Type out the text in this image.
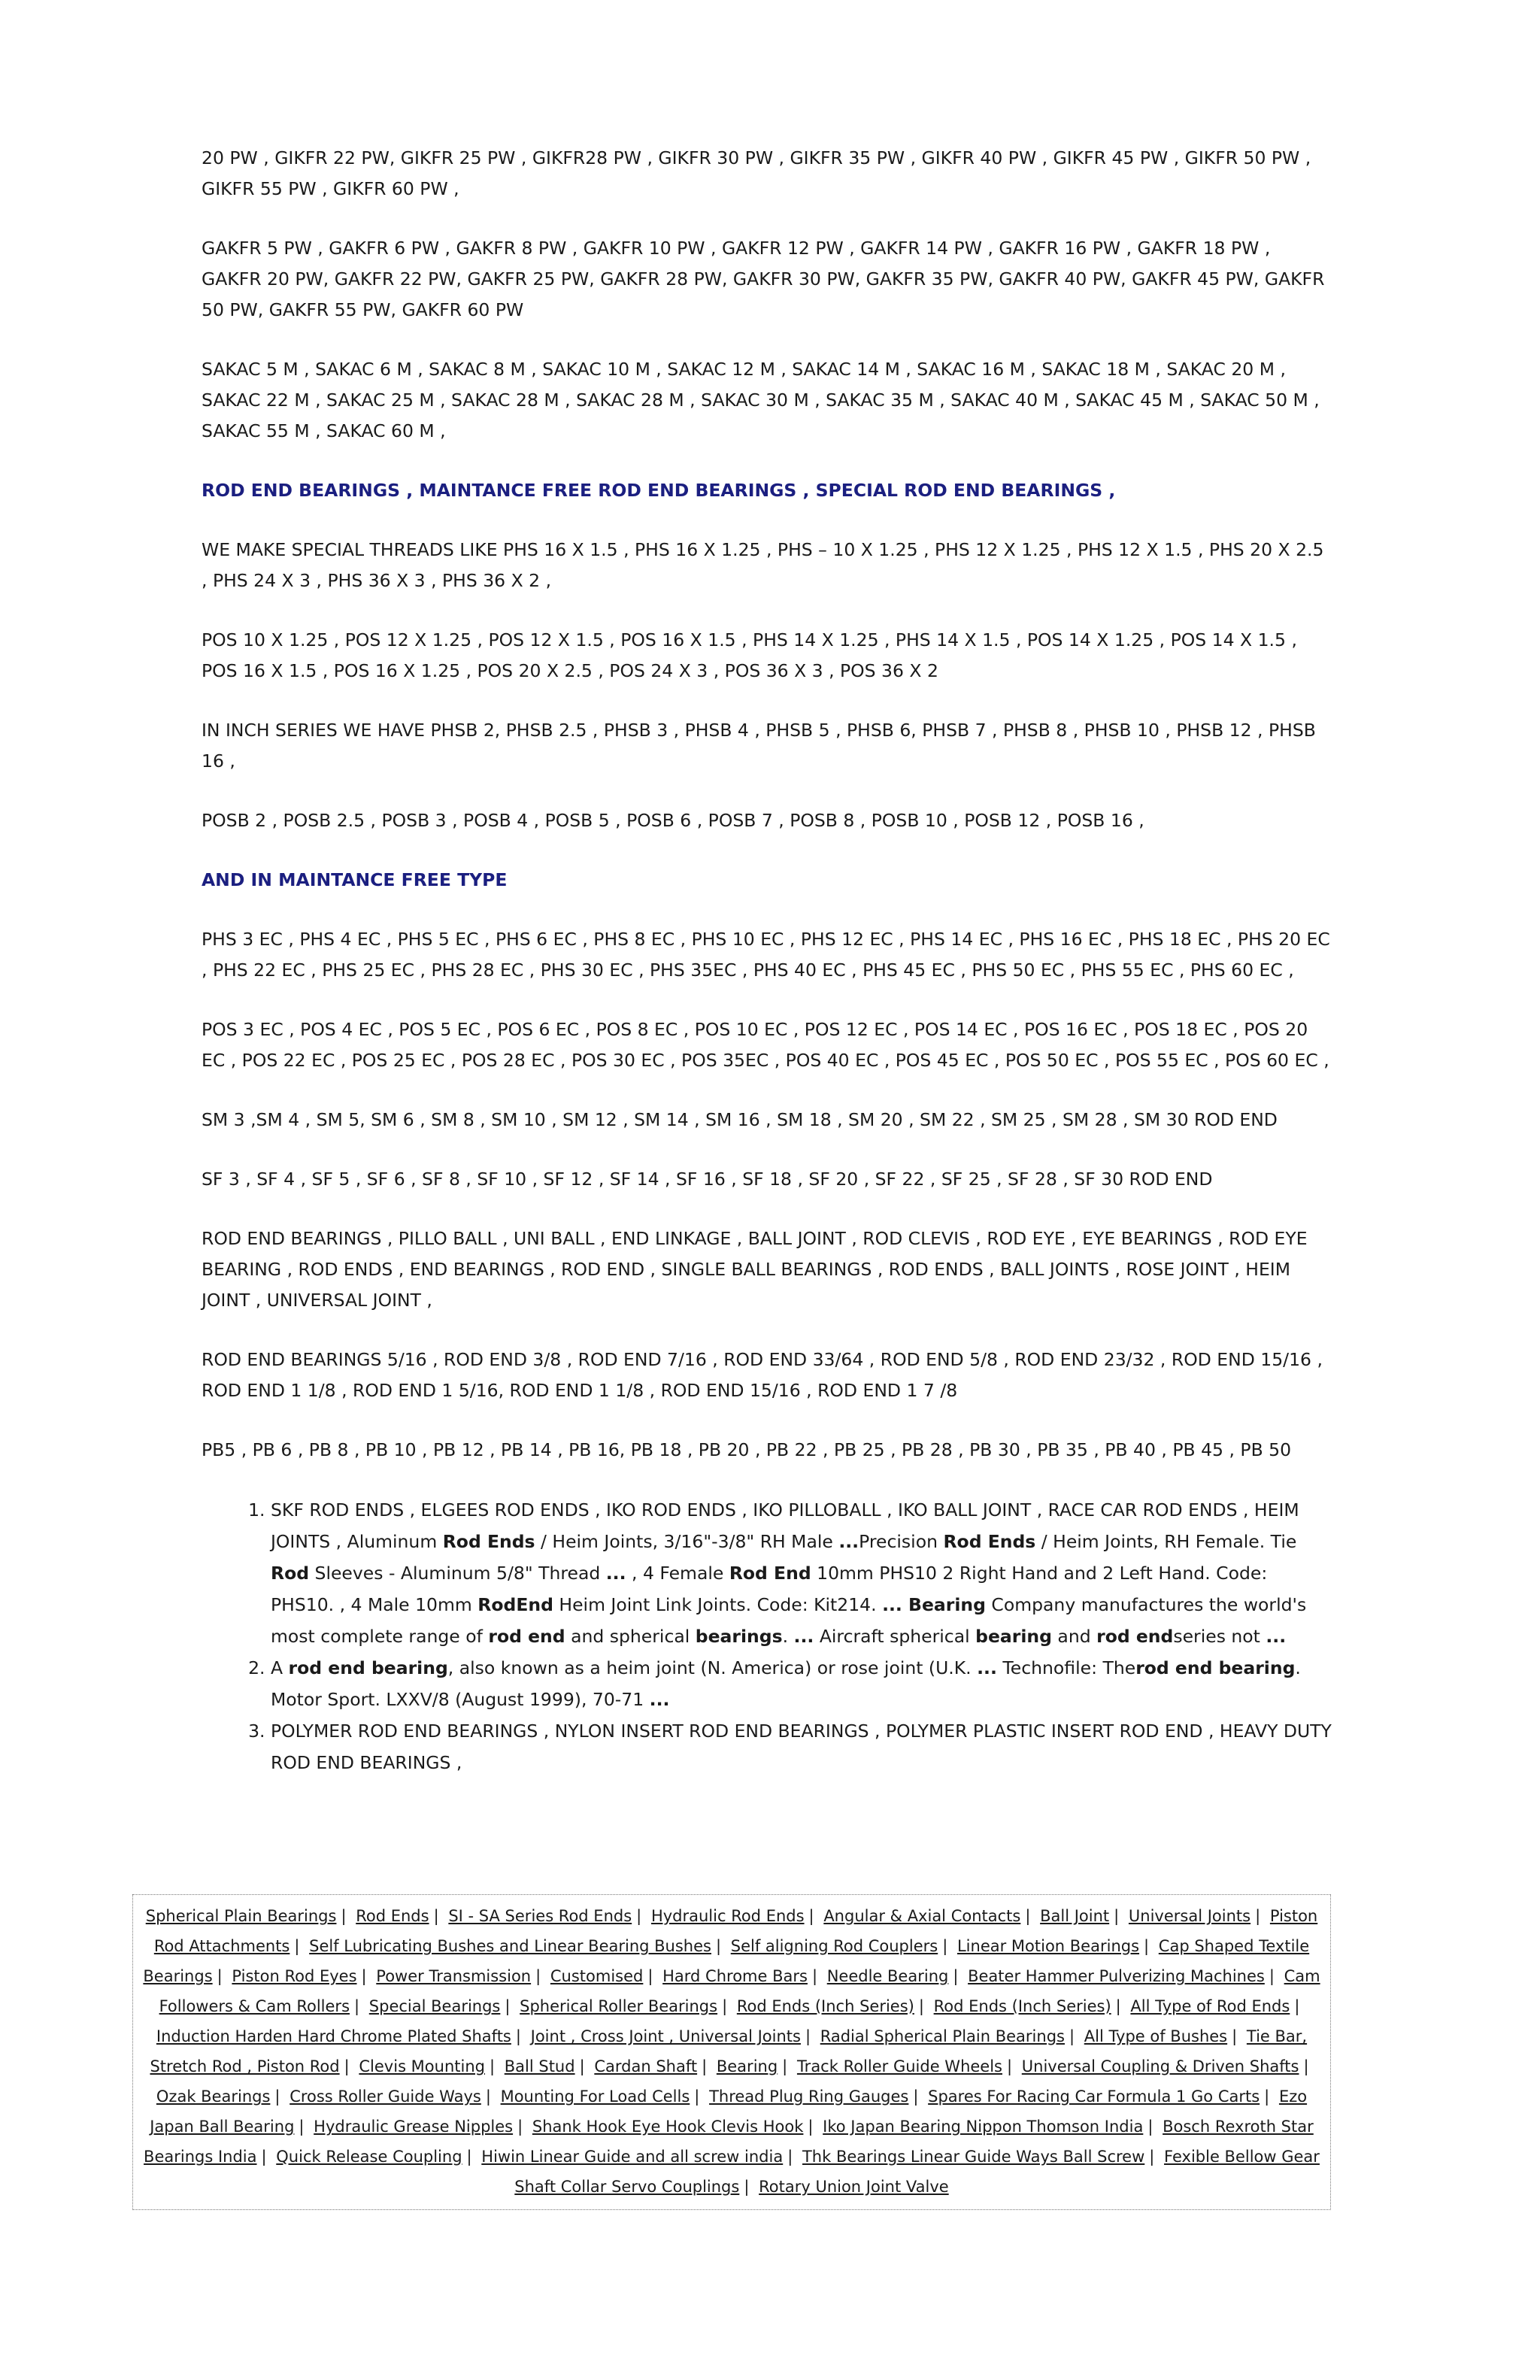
20 PW , GIKFR 22 PW, GIKFR 25 PW , GIKFR28 PW , GIKFR 30 PW , GIKFR 35 PW , GIKFR 40 PW , GIKFR 45 PW , GIKFR 50 PW , GIKFR 55 PW , GIKFR 60 PW ,

GAKFR 5 PW , GAKFR 6 PW , GAKFR 8 PW , GAKFR 10 PW , GAKFR 12 PW , GAKFR 14 PW , GAKFR 16 PW , GAKFR 18 PW , GAKFR 20 PW, GAKFR 22 PW, GAKFR 25 PW, GAKFR 28 PW, GAKFR 30 PW, GAKFR 35 PW, GAKFR 40 PW, GAKFR 45 PW, GAKFR 50 PW, GAKFR 55 PW, GAKFR 60 PW

SAKAC 5 M , SAKAC 6 M , SAKAC 8 M , SAKAC 10 M , SAKAC 12 M , SAKAC 14 M , SAKAC 16 M , SAKAC 18 M , SAKAC 20 M , SAKAC 22 M , SAKAC 25 M , SAKAC 28 M , SAKAC 28 M , SAKAC 30 M , SAKAC 35 M , SAKAC 40 M , SAKAC 45 M , SAKAC 50 M , SAKAC 55 M , SAKAC 60 M ,

ROD END BEARINGS , MAINTANCE FREE ROD END BEARINGS , SPECIAL ROD END BEARINGS ,

WE MAKE SPECIAL THREADS LIKE PHS 16 X 1.5 , PHS 16 X 1.25 , PHS – 10 X 1.25 , PHS 12 X 1.25 , PHS 12 X 1.5 , PHS 20 X 2.5 , PHS 24 X 3 , PHS 36 X 3 , PHS 36 X 2 ,

POS 10 X 1.25 , POS 12 X 1.25 , POS 12 X 1.5 , POS 16 X 1.5 , PHS 14 X 1.25 , PHS 14 X 1.5 , POS 14 X 1.25 , POS 14 X 1.5 , POS 16 X 1.5 , POS 16 X 1.25 , POS 20 X 2.5 , POS 24 X 3 , POS 36 X 3 , POS 36 X 2

IN INCH SERIES WE HAVE PHSB 2, PHSB 2.5 , PHSB 3 , PHSB 4 , PHSB 5 , PHSB 6, PHSB 7 , PHSB 8 , PHSB 10 , PHSB 12 , PHSB 16 ,

POSB 2 , POSB 2.5 , POSB 3 , POSB 4 , POSB 5 , POSB 6 , POSB 7 , POSB 8 , POSB 10 , POSB 12 , POSB 16 ,

AND IN MAINTANCE FREE TYPE

PHS 3 EC , PHS 4 EC , PHS 5 EC , PHS 6 EC , PHS 8 EC , PHS 10 EC , PHS 12 EC , PHS 14 EC , PHS 16 EC , PHS 18 EC , PHS 20 EC , PHS 22 EC , PHS 25 EC , PHS 28 EC , PHS 30 EC , PHS 35EC , PHS 40 EC , PHS 45 EC , PHS 50 EC , PHS 55 EC , PHS 60 EC ,

POS 3 EC , POS 4 EC , POS 5 EC , POS 6 EC , POS 8 EC , POS 10 EC , POS 12 EC , POS 14 EC , POS 16 EC , POS 18 EC , POS 20 EC , POS 22 EC , POS 25 EC , POS 28 EC , POS 30 EC , POS 35EC , POS 40 EC , POS 45 EC , POS 50 EC , POS 55 EC , POS 60 EC ,

SM 3 ,SM 4 , SM 5, SM 6 , SM 8 , SM 10 , SM 12 , SM 14 , SM 16 , SM 18 , SM 20 , SM 22 , SM 25 , SM 28 , SM 30 ROD END

SF 3 , SF 4 , SF 5 , SF 6 , SF 8 , SF 10 , SF 12 , SF 14 , SF 16 , SF 18 , SF 20 , SF 22 , SF 25 , SF 28 , SF 30 ROD END

ROD END BEARINGS , PILLO BALL , UNI BALL , END LINKAGE , BALL JOINT , ROD CLEVIS , ROD EYE , EYE BEARINGS , ROD EYE BEARING , ROD ENDS , END BEARINGS , ROD END , SINGLE BALL BEARINGS , ROD ENDS , BALL JOINTS , ROSE JOINT , HEIM JOINT , UNIVERSAL JOINT ,

ROD END BEARINGS 5/16 , ROD END 3/8 , ROD END 7/16 , ROD END 33/64 , ROD END 5/8 , ROD END 23/32 , ROD END 15/16 , ROD END 1 1/8 , ROD END 1 5/16, ROD END 1 1/8 , ROD END 15/16 , ROD END 1 7 /8

PB5 , PB 6 , PB 8 , PB 10 , PB 12 , PB 14 , PB 16, PB 18 , PB 20 , PB 22 , PB 25 , PB 28 , PB 30 , PB 35 , PB 40 , PB 45 , PB 50

1. SKF ROD ENDS , ELGEES ROD ENDS , IKO ROD ENDS , IKO PILLOBALL , IKO BALL JOINT , RACE CAR ROD ENDS , HEIM JOINTS , Aluminum Rod Ends / Heim Joints, 3/16"-3/8" RH Male ...Precision Rod Ends / Heim Joints, RH Female. Tie Rod Sleeves - Aluminum 5/8" Thread ... , 4 Female Rod End 10mm PHS10 2 Right Hand and 2 Left Hand. Code: PHS10. , 4 Male 10mm RodEnd Heim Joint Link Joints. Code: Kit214. ... Bearing Company manufactures the world's most complete range of rod end and spherical bearings. ... Aircraft spherical bearing and rod endseries not ...
2. A rod end bearing, also known as a heim joint (N. America) or rose joint (U.K. ... Technofile: Therod end bearing. Motor Sport. LXXV/8 (August 1999), 70-71 ...
3. POLYMER ROD END BEARINGS , NYLON INSERT ROD END BEARINGS , POLYMER PLASTIC INSERT ROD END , HEAVY DUTY ROD END BEARINGS ,
Spherical Plain Bearings | Rod Ends | SI - SA Series Rod Ends | Hydraulic Rod Ends | Angular & Axial Contacts | Ball Joint | Universal Joints | Piston Rod Attachments | Self Lubricating Bushes and Linear Bearing Bushes | Self aligning Rod Couplers | Linear Motion Bearings | Cap Shaped Textile Bearings | Piston Rod Eyes | Power Transmission | Customised | Hard Chrome Bars | Needle Bearing | Beater Hammer Pulverizing Machines | Cam Followers & Cam Rollers | Special Bearings | Spherical Roller Bearings | Rod Ends (Inch Series) | Rod Ends (Inch Series) | All Type of Rod Ends | Induction Harden Hard Chrome Plated Shafts | Joint , Cross Joint , Universal Joints | Radial Spherical Plain Bearings | All Type of Bushes | Tie Bar, Stretch Rod , Piston Rod | Clevis Mounting | Ball Stud | Cardan Shaft | Bearing | Track Roller Guide Wheels | Universal Coupling & Driven Shafts | Ozak Bearings | Cross Roller Guide Ways | Mounting For Load Cells | Thread Plug Ring Gauges | Spares For Racing Car Formula 1 Go Carts | Ezo Japan Ball Bearing | Hydraulic Grease Nipples | Shank Hook Eye Hook Clevis Hook | Iko Japan Bearing Nippon Thomson India | Bosch Rexroth Star Bearings India | Quick Release Coupling | Hiwin Linear Guide and all screw india | Thk Bearings Linear Guide Ways Ball Screw | Fexible Bellow Gear Shaft Collar Servo Couplings | Rotary Union Joint Valve
